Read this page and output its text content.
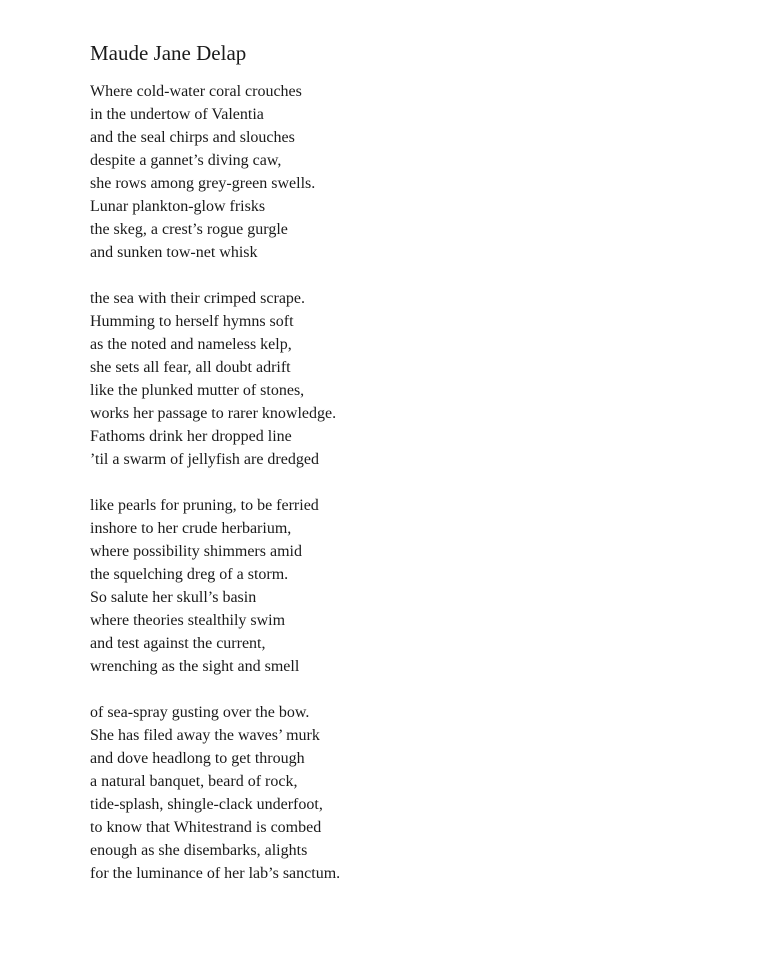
Maude Jane Delap
Where cold-water coral crouches
in the undertow of Valentia
and the seal chirps and slouches
despite a gannet’s diving caw,
she rows among grey-green swells.
Lunar plankton-glow frisks
the skeg, a crest’s rogue gurgle
and sunken tow-net whisk
the sea with their crimped scrape.
Humming to herself hymns soft
as the noted and nameless kelp,
she sets all fear, all doubt adrift
like the plunked mutter of stones,
works her passage to rarer knowledge.
Fathoms drink her dropped line
’til a swarm of jellyfish are dredged
like pearls for pruning, to be ferried
inshore to her crude herbarium,
where possibility shimmers amid
the squelching dreg of a storm.
So salute her skull’s basin
where theories stealthily swim
and test against the current,
wrenching as the sight and smell
of sea-spray gusting over the bow.
She has filed away the waves’ murk
and dove headlong to get through
a natural banquet, beard of rock,
tide-splash, shingle-clack underfoot,
to know that Whitestrand is combed
enough as she disembarks, alights
for the luminance of her lab’s sanctum.
